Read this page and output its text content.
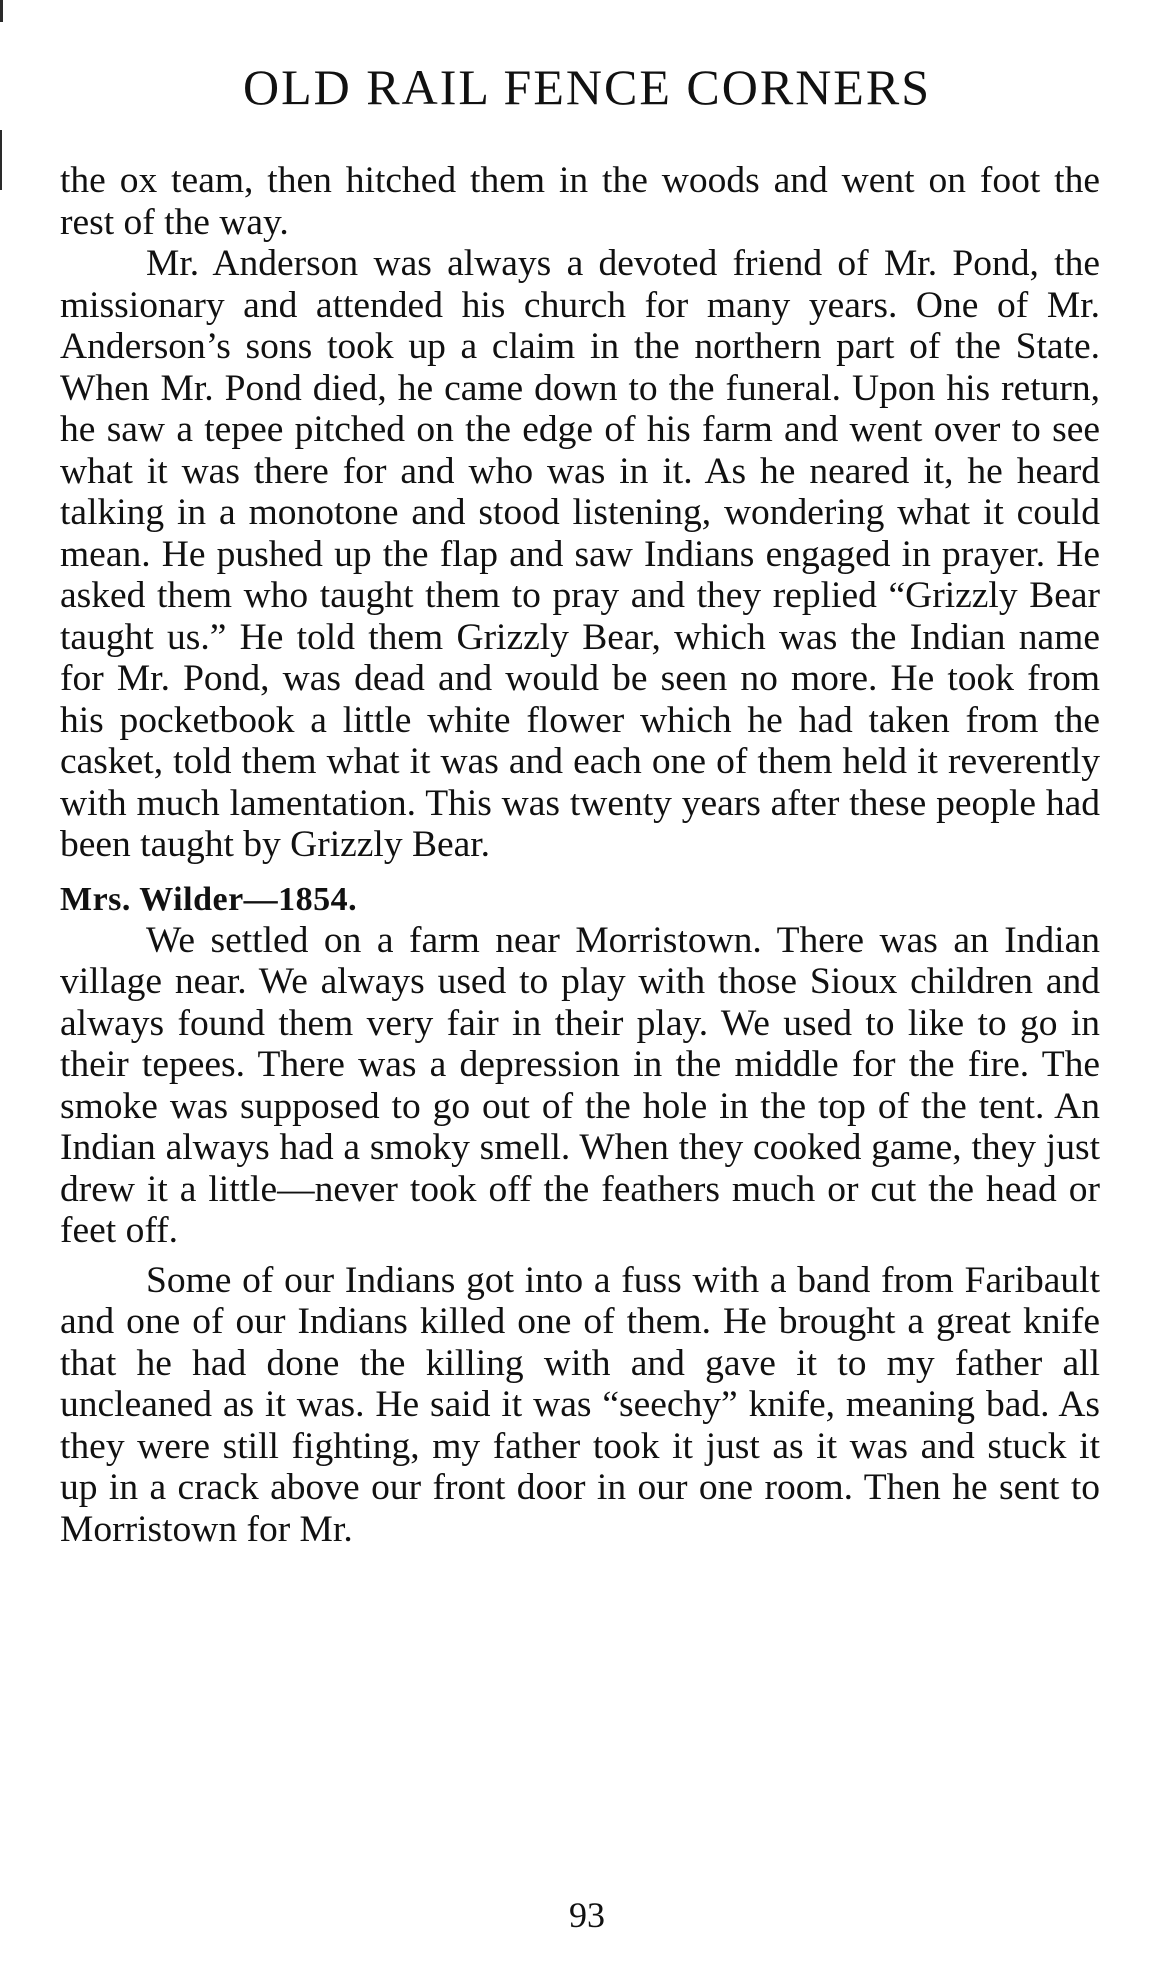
OLD RAIL FENCE CORNERS

the ox team, then hitched them in the woods and went on foot the rest of the way.

Mr. Anderson was always a devoted friend of Mr. Pond, the missionary and attended his church for many years. One of Mr. Anderson’s sons took up a claim in the northern part of the State. When Mr. Pond died, he came down to the funeral. Upon his return, he saw a tepee pitched on the edge of his farm and went over to see what it was there for and who was in it. As he neared it, he heard talking in a monotone and stood listening, wondering what it could mean. He pushed up the flap and saw Indians engaged in prayer. He asked them who taught them to pray and they replied “Grizzly Bear taught us.” He told them Grizzly Bear, which was the Indian name for Mr. Pond, was dead and would be seen no more. He took from his pocketbook a little white flower which he had taken from the casket, told them what it was and each one of them held it reverently with much lamentation. This was twenty years after these people had been taught by Grizzly Bear.

Mrs. Wilder—1854.

We settled on a farm near Morristown. There was an Indian village near. We always used to play with those Sioux children and always found them very fair in their play. We used to like to go in their tepees. There was a depression in the middle for the fire. The smoke was supposed to go out of the hole in the top of the tent. An Indian always had a smoky smell. When they cooked game, they just drew it a little—never took off the feathers much or cut the head or feet off.

Some of our Indians got into a fuss with a band from Faribault and one of our Indians killed one of them. He brought a great knife that he had done the killing with and gave it to my father all uncleaned as it was. He said it was “seechy” knife, meaning bad. As they were still fighting, my father took it just as it was and stuck it up in a crack above our front door in our one room. Then he sent to Morristown for Mr.

93
